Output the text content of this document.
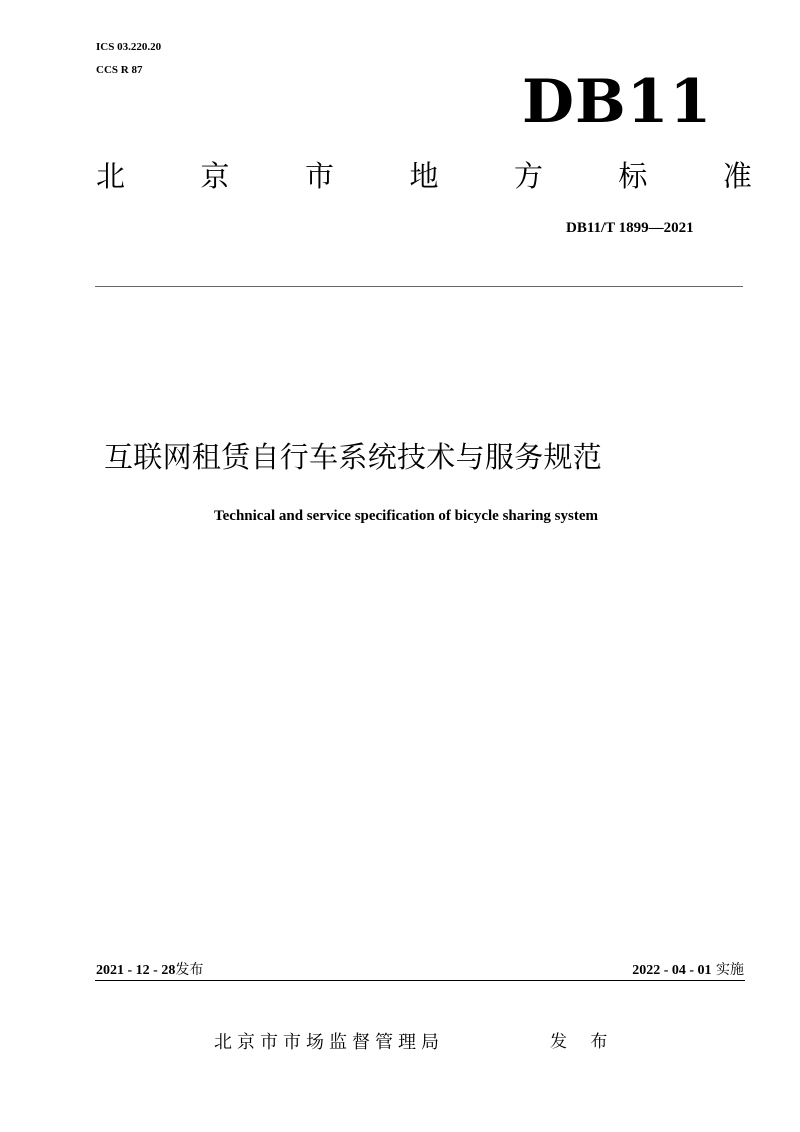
ICS 03.220.20
CCS R 87	DB11
北	京	市	地	方	标	准
DB11/T 1899—2021
互联网租赁自行车系统技术与服务规范
Technical and service specification of bicycle sharing system
2021 - 12 - 28发布	2022 - 04 - 01 实施
北京市市场监督管理局	发 布
